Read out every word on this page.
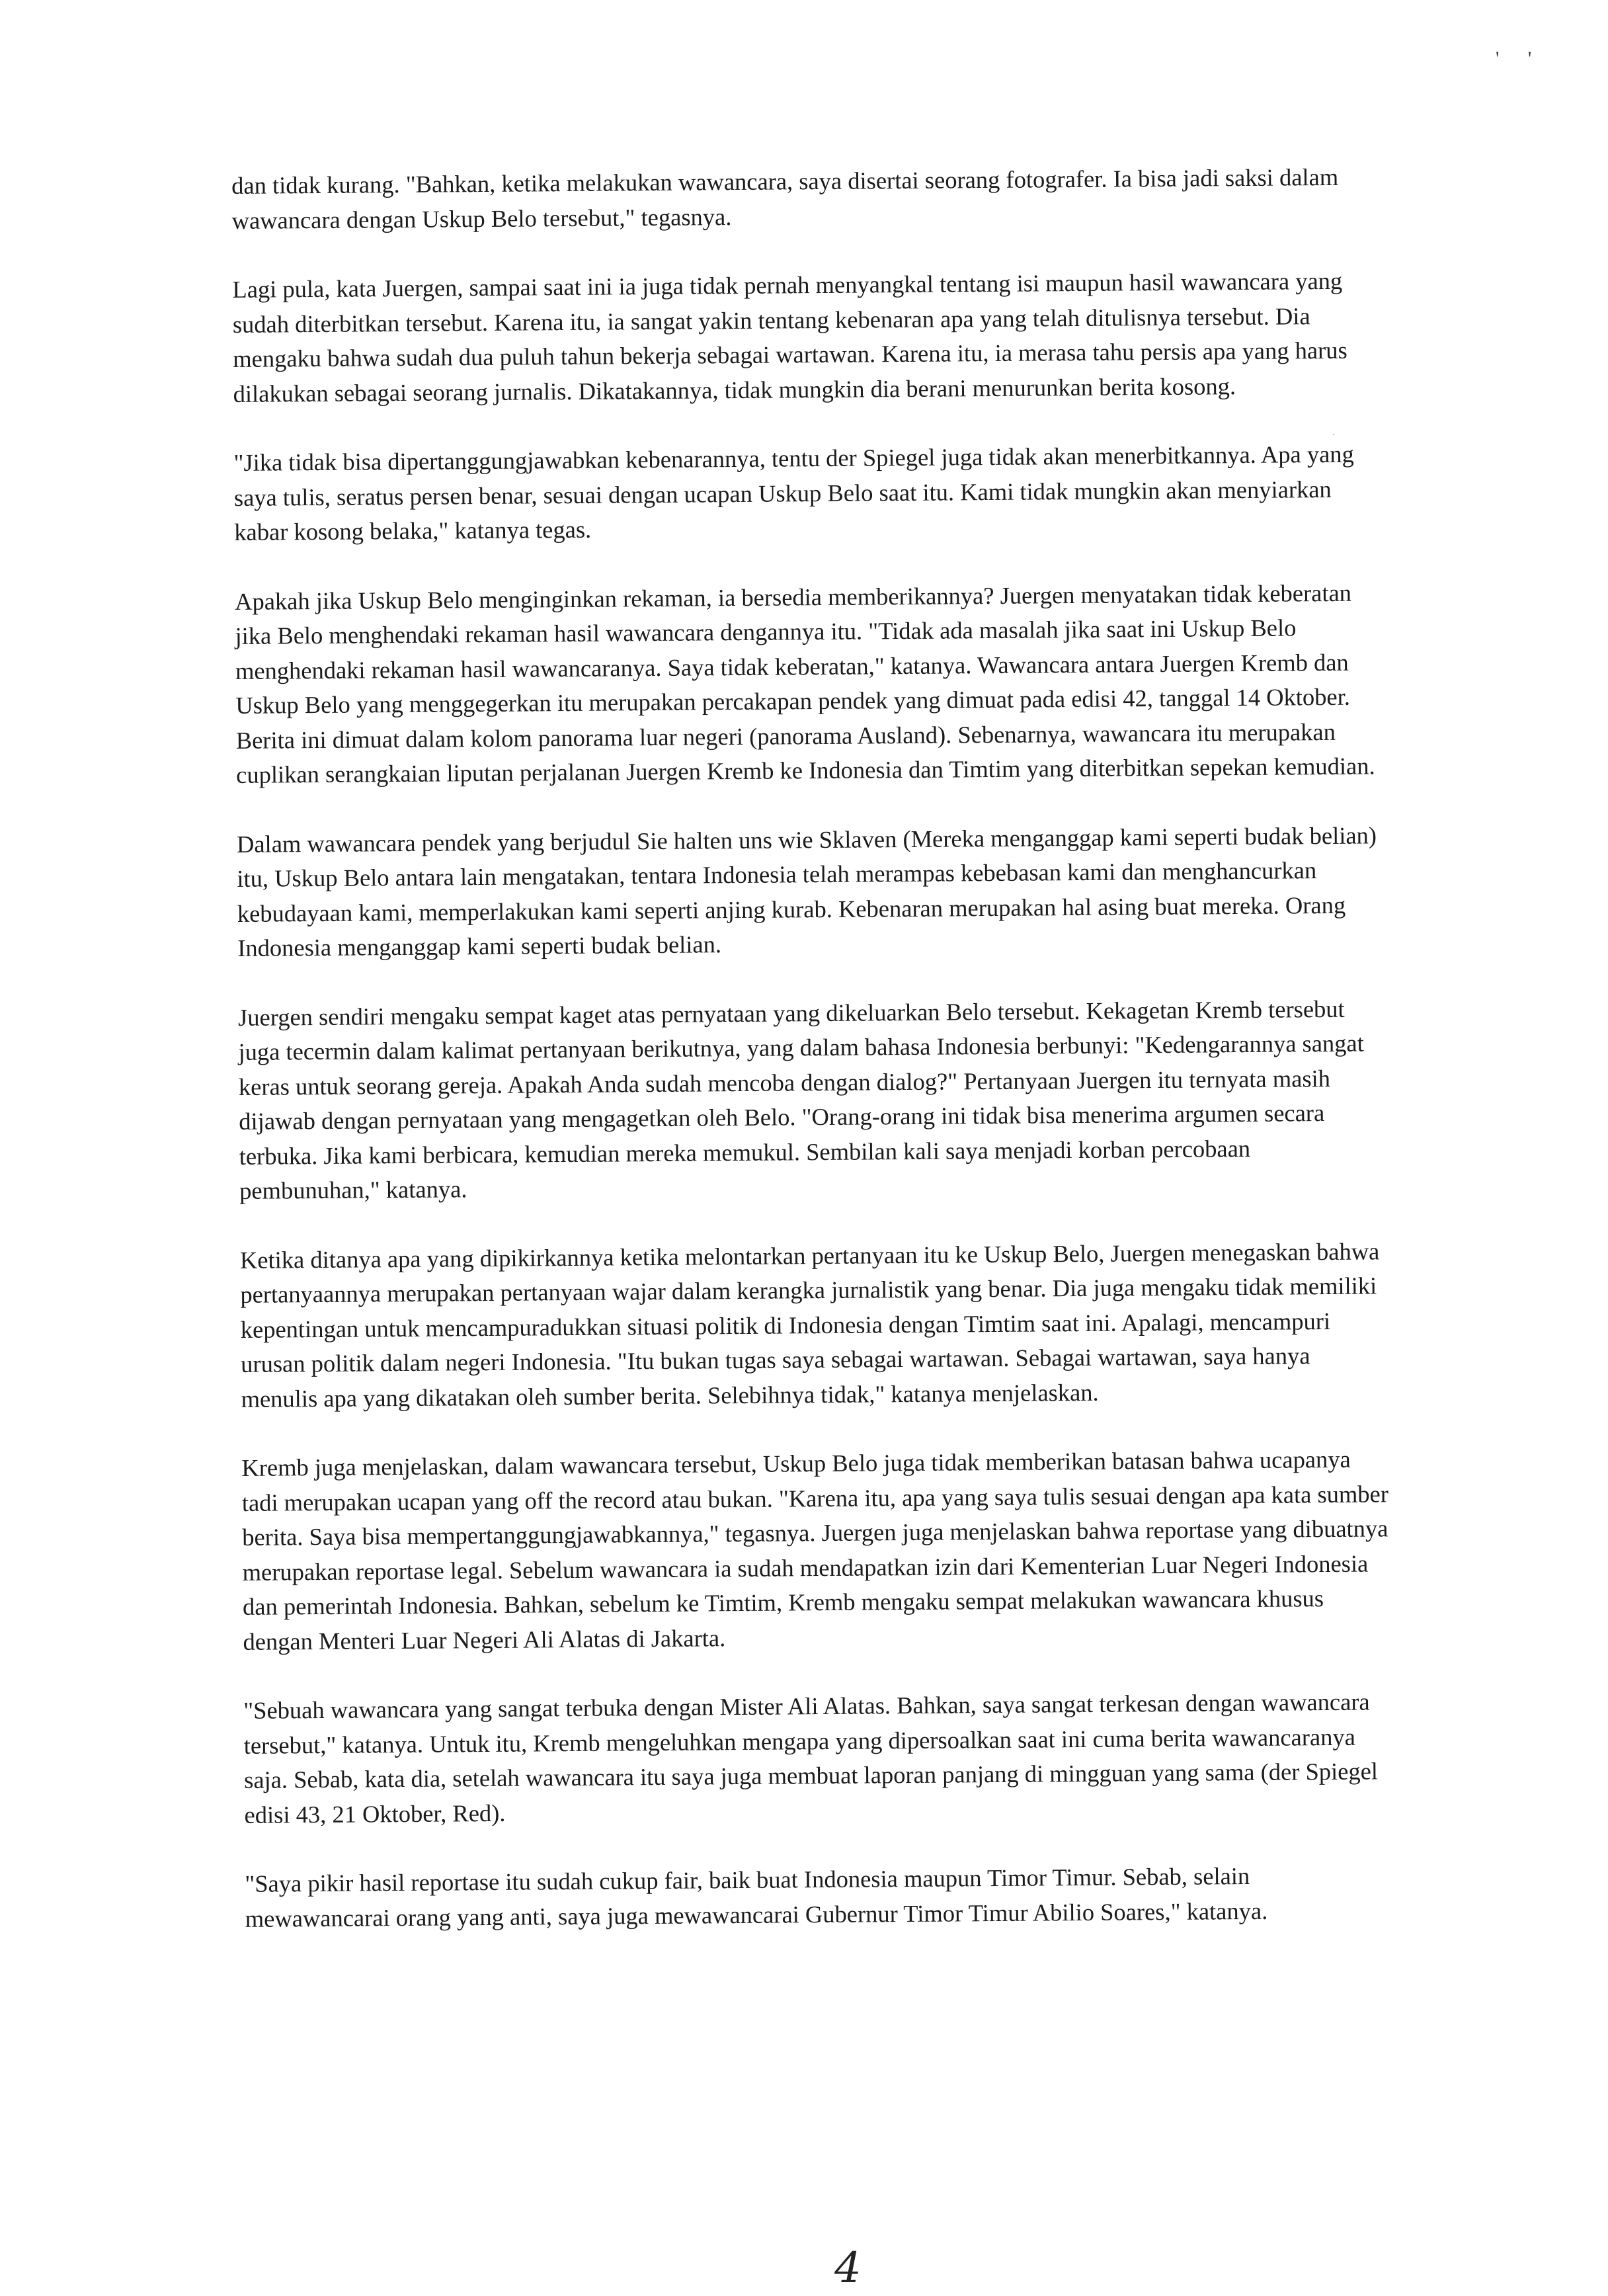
' '

dan tidak kurang. "Bahkan, ketika melakukan wawancara, saya disertai seorang fotografer. Ia bisa jadi saksi dalam wawancara dengan Uskup Belo tersebut," tegasnya.

Lagi pula, kata Juergen, sampai saat ini ia juga tidak pernah menyangkal tentang isi maupun hasil wawancara yang sudah diterbitkan tersebut. Karena itu, ia sangat yakin tentang kebenaran apa yang telah ditulisnya tersebut. Dia mengaku bahwa sudah dua puluh tahun bekerja sebagai wartawan. Karena itu, ia merasa tahu persis apa yang harus dilakukan sebagai seorang jurnalis. Dikatakannya, tidak mungkin dia berani menurunkan berita kosong.

"Jika tidak bisa dipertanggungjawabkan kebenarannya, tentu der Spiegel juga tidak akan menerbitkannya. Apa yang saya tulis, seratus persen benar, sesuai dengan ucapan Uskup Belo saat itu. Kami tidak mungkin akan menyiarkan kabar kosong belaka," katanya tegas.

Apakah jika Uskup Belo menginginkan rekaman, ia bersedia memberikannya? Juergen menyatakan tidak keberatan jika Belo menghendaki rekaman hasil wawancara dengannya itu. "Tidak ada masalah jika saat ini Uskup Belo menghendaki rekaman hasil wawancaranya. Saya tidak keberatan," katanya. Wawancara antara Juergen Kremb dan Uskup Belo yang menggegerkan itu merupakan percakapan pendek yang dimuat pada edisi 42, tanggal 14 Oktober. Berita ini dimuat dalam kolom panorama luar negeri (panorama Ausland). Sebenarnya, wawancara itu merupakan cuplikan serangkaian liputan perjalanan Juergen Kremb ke Indonesia dan Timtim yang diterbitkan sepekan kemudian.

Dalam wawancara pendek yang berjudul Sie halten uns wie Sklaven (Mereka menganggap kami seperti budak belian) itu, Uskup Belo antara lain mengatakan, tentara Indonesia telah merampas kebebasan kami dan menghancurkan kebudayaan kami, memperlakukan kami seperti anjing kurab. Kebenaran merupakan hal asing buat mereka. Orang Indonesia menganggap kami seperti budak belian.

Juergen sendiri mengaku sempat kaget atas pernyataan yang dikeluarkan Belo tersebut. Kekagetan Kremb tersebut juga tecermin dalam kalimat pertanyaan berikutnya, yang dalam bahasa Indonesia berbunyi: "Kedengarannya sangat keras untuk seorang gereja. Apakah Anda sudah mencoba dengan dialog?" Pertanyaan Juergen itu ternyata masih dijawab dengan pernyataan yang mengagetkan oleh Belo. "Orang-orang ini tidak bisa menerima argumen secara terbuka. Jika kami berbicara, kemudian mereka memukul. Sembilan kali saya menjadi korban percobaan pembunuhan," katanya.

Ketika ditanya apa yang dipikirkannya ketika melontarkan pertanyaan itu ke Uskup Belo, Juergen menegaskan bahwa pertanyaannya merupakan pertanyaan wajar dalam kerangka jurnalistik yang benar. Dia juga mengaku tidak memiliki kepentingan untuk mencampuradukkan situasi politik di Indonesia dengan Timtim saat ini. Apalagi, mencampuri urusan politik dalam negeri Indonesia. "Itu bukan tugas saya sebagai wartawan. Sebagai wartawan, saya hanya menulis apa yang dikatakan oleh sumber berita. Selebihnya tidak," katanya menjelaskan.

Kremb juga menjelaskan, dalam wawancara tersebut, Uskup Belo juga tidak memberikan batasan bahwa ucapanya tadi merupakan ucapan yang off the record atau bukan. "Karena itu, apa yang saya tulis sesuai dengan apa kata sumber berita. Saya bisa mempertanggungjawabkannya," tegasnya. Juergen juga menjelaskan bahwa reportase yang dibuatnya merupakan reportase legal. Sebelum wawancara ia sudah mendapatkan izin dari Kementerian Luar Negeri Indonesia dan pemerintah Indonesia. Bahkan, sebelum ke Timtim, Kremb mengaku sempat melakukan wawancara khusus dengan Menteri Luar Negeri Ali Alatas di Jakarta.

"Sebuah wawancara yang sangat terbuka dengan Mister Ali Alatas. Bahkan, saya sangat terkesan dengan wawancara tersebut," katanya. Untuk itu, Kremb mengeluhkan mengapa yang dipersoalkan saat ini cuma berita wawancaranya saja. Sebab, kata dia, setelah wawancara itu saya juga membuat laporan panjang di mingguan yang sama (der Spiegel edisi 43, 21 Oktober, Red).

"Saya pikir hasil reportase itu sudah cukup fair, baik buat Indonesia maupun Timor Timur. Sebab, selain mewawancarai orang yang anti, saya juga mewawancarai Gubernur Timor Timur Abilio Soares," katanya.

4
